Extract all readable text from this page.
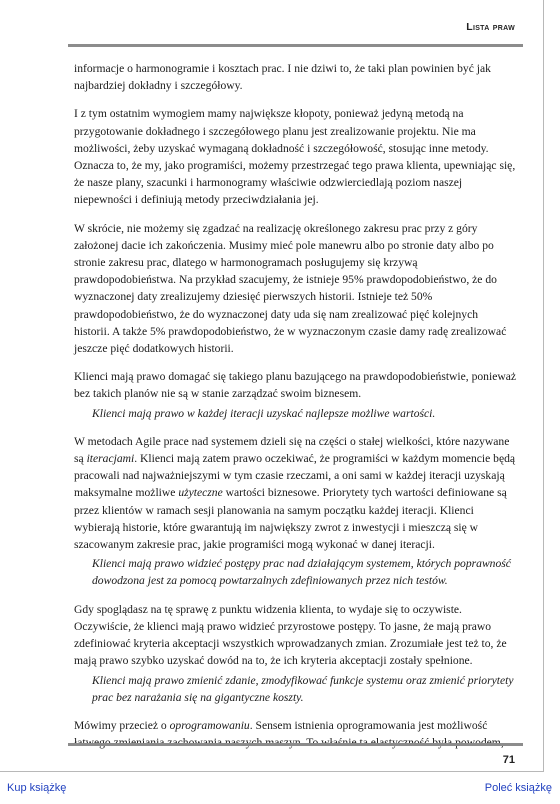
Lista praw

informacje o harmonogramie i kosztach prac. I nie dziwi to, że taki plan powinien być jak najbardziej dokładny i szczegółowy.

I z tym ostatnim wymogiem mamy największe kłopoty, ponieważ jedyną metodą na przygotowanie dokładnego i szczegółowego planu jest zrealizowanie projektu. Nie ma możliwości, żeby uzyskać wymaganą dokładność i szczegółowość, stosując inne metody. Oznacza to, że my, jako programiści, możemy przestrzegać tego prawa klienta, upewniając się, że nasze plany, szacunki i harmonogramy właściwie odzwierciedlają poziom naszej niepewności i definiują metody przeciwdziałania jej.

W skrócie, nie możemy się zgadzać na realizację określonego zakresu prac przy z góry założonej dacie ich zakończenia. Musimy mieć pole manewru albo po stronie daty albo po stronie zakresu prac, dlatego w harmonogramach posługujemy się krzywą prawdopodobieństwa. Na przykład szacujemy, że istnieje 95% prawdopodobieństwo, że do wyznaczonej daty zrealizujemy dziesięć pierwszych historii. Istnieje też 50% prawdopodobieństwo, że do wyznaczonej daty uda się nam zrealizować pięć kolejnych historii. A także 5% prawdopodobieństwo, że w wyznaczonym czasie damy radę zrealizować jeszcze pięć dodatkowych historii.

Klienci mają prawo domagać się takiego planu bazującego na prawdopodobieństwie, ponieważ bez takich planów nie są w stanie zarządzać swoim biznesem.

Klienci mają prawo w każdej iteracji uzyskać najlepsze możliwe wartości.

W metodach Agile prace nad systemem dzieli się na części o stałej wielkości, które nazywane są iteracjami. Klienci mają zatem prawo oczekiwać, że programiści w każdym momencie będą pracowali nad najważniejszymi w tym czasie rzeczami, a oni sami w każdej iteracji uzyskają maksymalne możliwe użyteczne wartości biznesowe. Priorytety tych wartości definiowane są przez klientów w ramach sesji planowania na samym początku każdej iteracji. Klienci wybierają historie, które gwarantują im największy zwrot z inwestycji i mieszczą się w szacowanym zakresie prac, jakie programiści mogą wykonać w danej iteracji.

Klienci mają prawo widzieć postępy prac nad działającym systemem, których poprawność dowodzona jest za pomocą powtarzalnych zdefiniowanych przez nich testów.

Gdy spoglądasz na tę sprawę z punktu widzenia klienta, to wydaje się to oczywiste. Oczywiście, że klienci mają prawo widzieć przyrostowe postępy. To jasne, że mają prawo zdefiniować kryteria akceptacji wszystkich wprowadzanych zmian. Zrozumiałe jest też to, że mają prawo szybko uzyskać dowód na to, że ich kryteria akceptacji zostały spełnione.

Klienci mają prawo zmienić zdanie, zmodyfikować funkcje systemu oraz zmienić priorytety prac bez narażania się na gigantyczne koszty.

Mówimy przecież o oprogramowaniu. Sensem istnienia oprogramowania jest możliwość

71
Kup książkę	Poleć książkę
